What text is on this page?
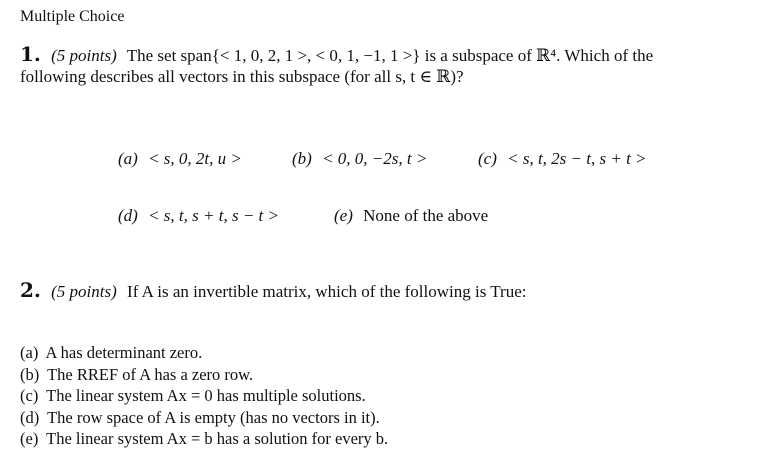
Multiple Choice
1. (5 points) The set span{< 1, 0, 2, 1 >, < 0, 1, −1, 1 >} is a subspace of ℝ⁴. Which of the
following describes all vectors in this subspace (for all s, t ∈ ℝ)?
(a) < s, 0, 2t, u >	(b) < 0, 0, −2s, t >	(c) < s, t, 2s − t, s + t >
(d) < s, t, s + t, s − t >	(e) None of the above
2. (5 points) If A is an invertible matrix, which of the following is True:
(a) A has determinant zero.
(b) The RREF of A has a zero row.
(c) The linear system Ax = 0 has multiple solutions.
(d) The row space of A is empty (has no vectors in it).
(e) The linear system Ax = b has a solution for every b.
